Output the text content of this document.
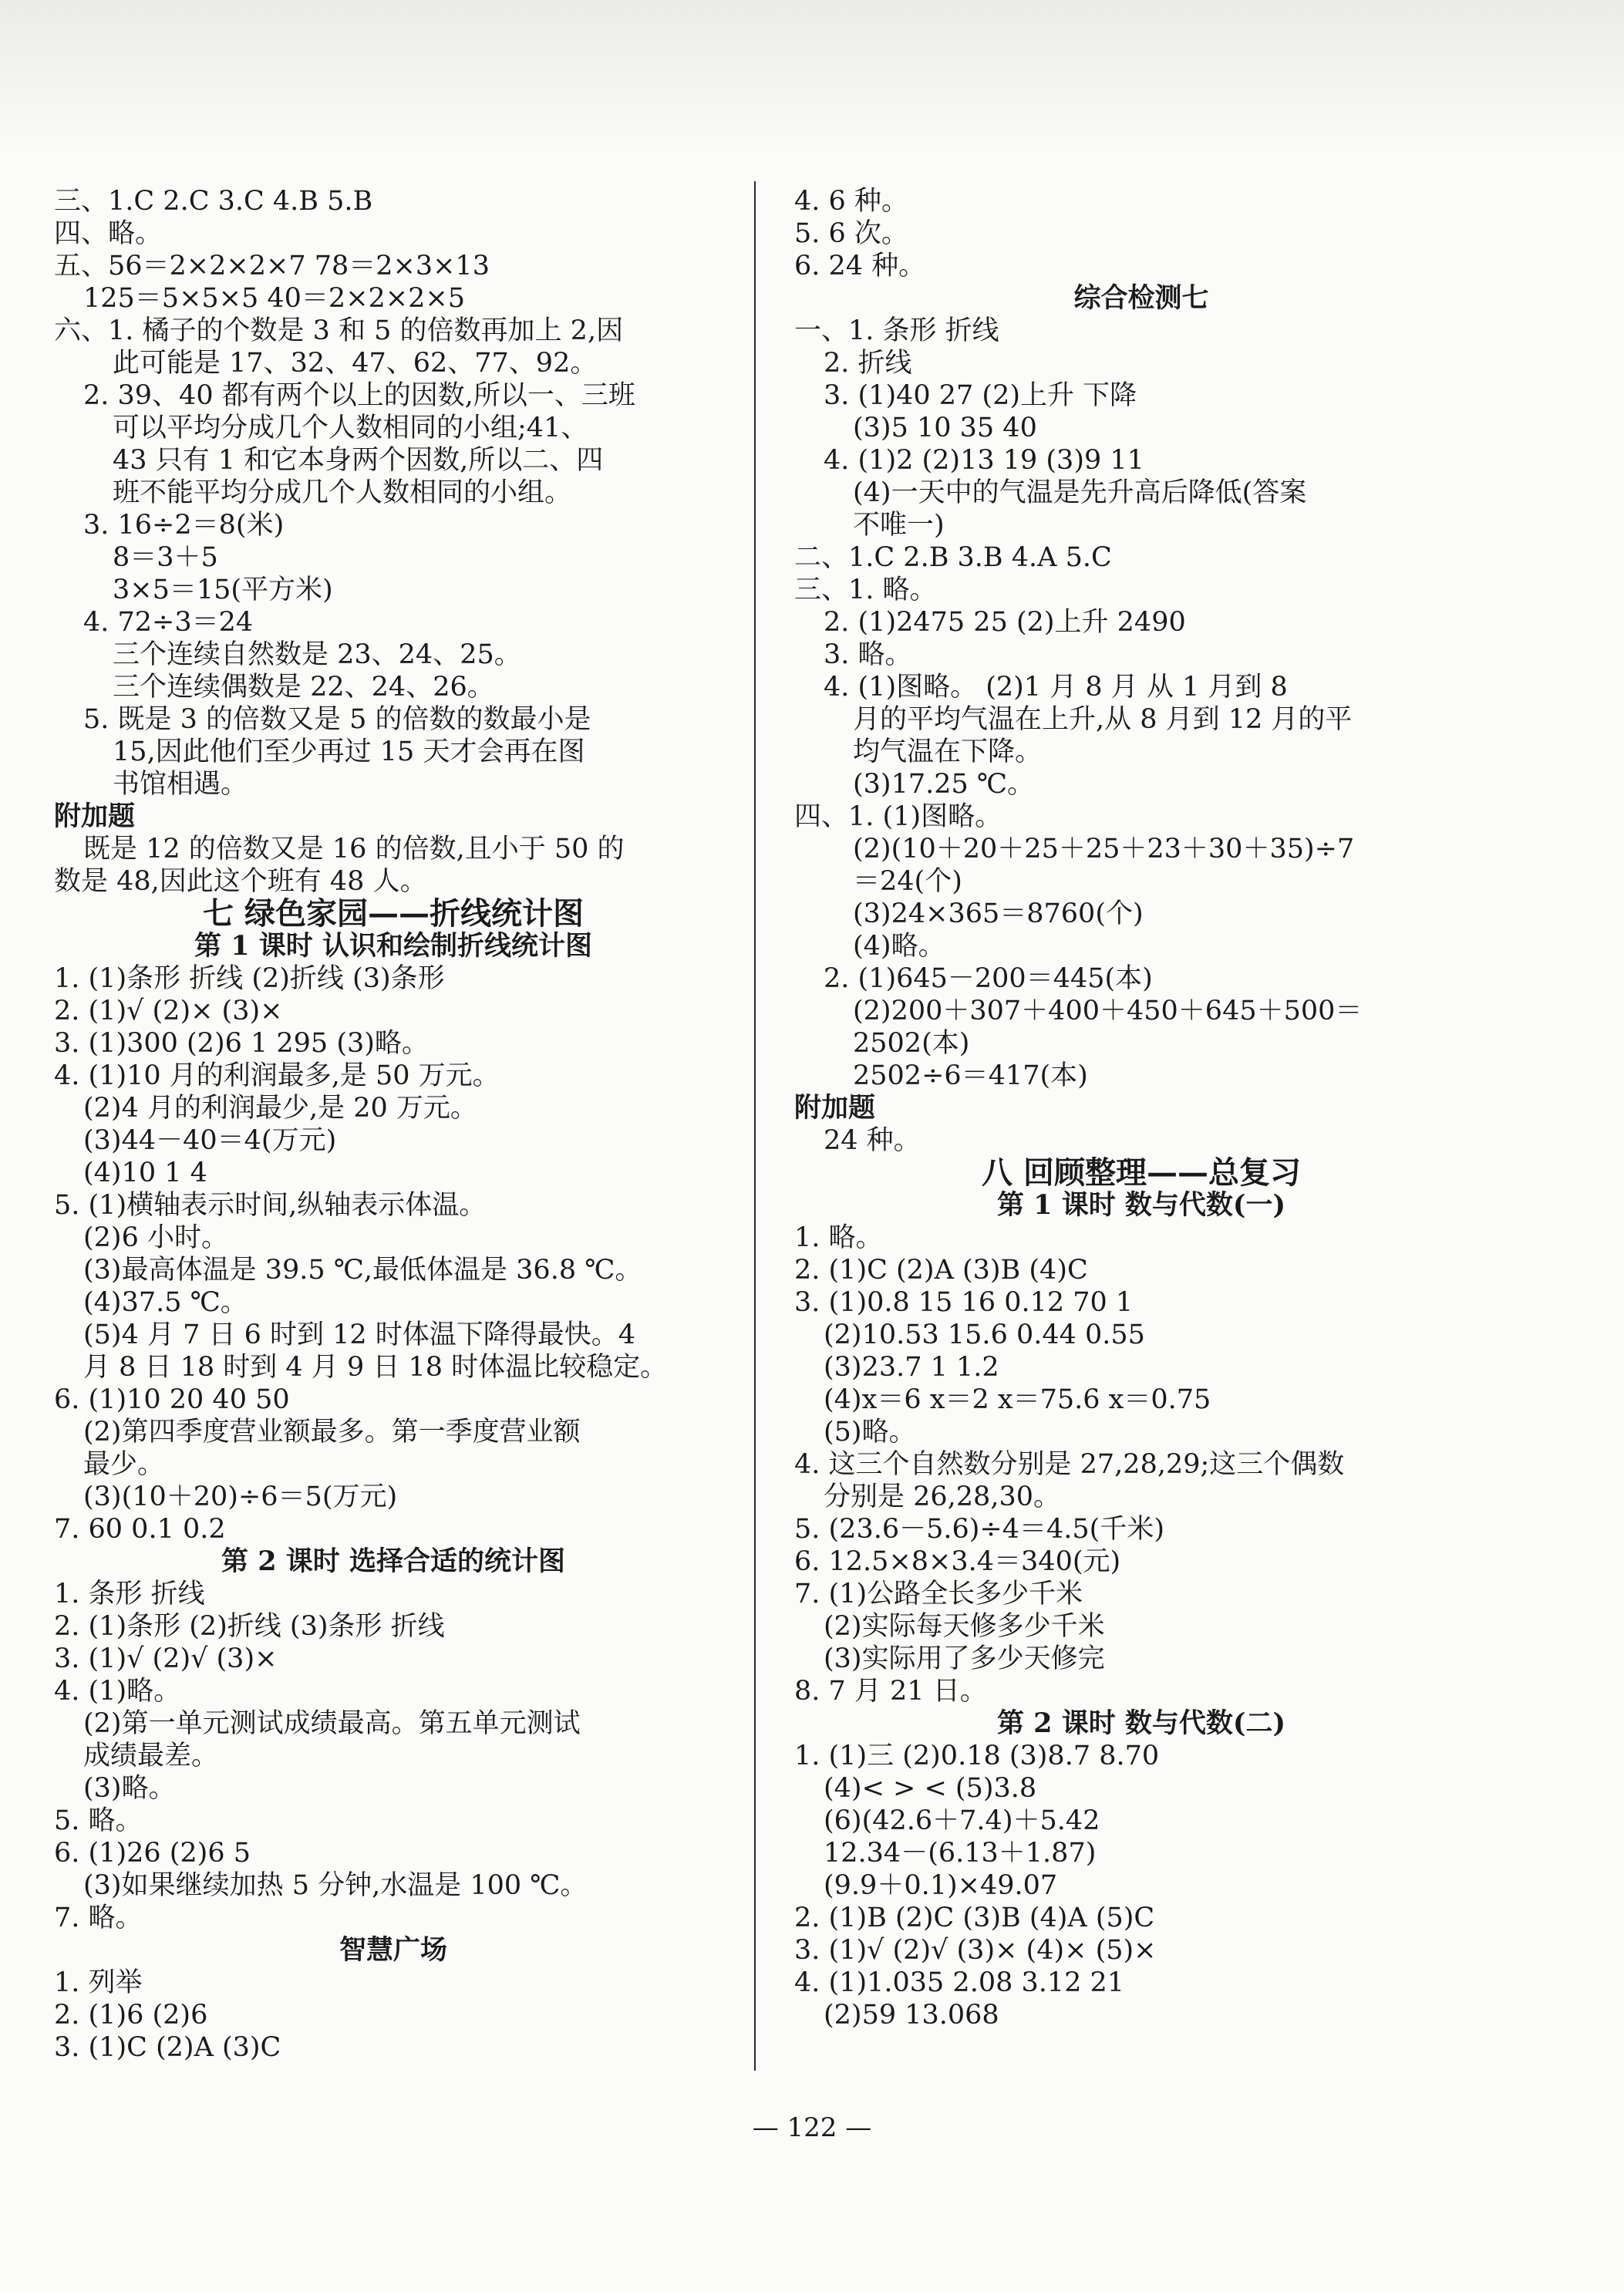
三、1.C 2.C 3.C 4.B 5.B
四、略。
五、56＝2×2×2×7 78＝2×3×13
125＝5×5×5 40＝2×2×2×5
六、1. 橘子的个数是 3 和 5 的倍数再加上 2,因
此可能是 17、32、47、62、77、92。
2. 39、40 都有两个以上的因数,所以一、三班
可以平均分成几个人数相同的小组;41、
43 只有 1 和它本身两个因数,所以二、四
班不能平均分成几个人数相同的小组。
3. 16÷2＝8(米)
8＝3＋5
3×5＝15(平方米)
4. 72÷3＝24
三个连续自然数是 23、24、25。
三个连续偶数是 22、24、26。
5. 既是 3 的倍数又是 5 的倍数的数最小是
15,因此他们至少再过 15 天才会再在图
书馆相遇。
附加题
既是 12 的倍数又是 16 的倍数,且小于 50 的
数是 48,因此这个班有 48 人。
七 绿色家园——折线统计图
第 1 课时 认识和绘制折线统计图
1. (1)条形 折线 (2)折线 (3)条形
2. (1)√ (2)× (3)×
3. (1)300 (2)6 1 295 (3)略。
4. (1)10 月的利润最多,是 50 万元。
(2)4 月的利润最少,是 20 万元。
(3)44－40＝4(万元)
(4)10 1 4
5. (1)横轴表示时间,纵轴表示体温。
(2)6 小时。
(3)最高体温是 39.5 ℃,最低体温是 36.8 ℃。
(4)37.5 ℃。
(5)4 月 7 日 6 时到 12 时体温下降得最快。4
月 8 日 18 时到 4 月 9 日 18 时体温比较稳定。
6. (1)10 20 40 50
(2)第四季度营业额最多。第一季度营业额
最少。
(3)(10＋20)÷6＝5(万元)
7. 60 0.1 0.2
第 2 课时 选择合适的统计图
1. 条形 折线
2. (1)条形 (2)折线 (3)条形 折线
3. (1)√ (2)√ (3)×
4. (1)略。
(2)第一单元测试成绩最高。第五单元测试
成绩最差。
(3)略。
5. 略。
6. (1)26 (2)6 5
(3)如果继续加热 5 分钟,水温是 100 ℃。
7. 略。
智慧广场
1. 列举
2. (1)6 (2)6
3. (1)C (2)A (3)C
4. 6 种。
5. 6 次。
6. 24 种。
综合检测七
一、1. 条形 折线
2. 折线
3. (1)40 27 (2)上升 下降
(3)5 10 35 40
4. (1)2 (2)13 19 (3)9 11
(4)一天中的气温是先升高后降低(答案
不唯一)
二、1.C 2.B 3.B 4.A 5.C
三、1. 略。
2. (1)2475 25 (2)上升 2490
3. 略。
4. (1)图略。 (2)1 月 8 月 从 1 月到 8
月的平均气温在上升,从 8 月到 12 月的平
均气温在下降。
(3)17.25 ℃。
四、1. (1)图略。
(2)(10＋20＋25＋25＋23＋30＋35)÷7
＝24(个)
(3)24×365＝8760(个)
(4)略。
2. (1)645－200＝445(本)
(2)200＋307＋400＋450＋645＋500＝
2502(本)
2502÷6＝417(本)
附加题
24 种。
八 回顾整理——总复习
第 1 课时 数与代数(一)
1. 略。
2. (1)C (2)A (3)B (4)C
3. (1)0.8 15 16 0.12 70 1
(2)10.53 15.6 0.44 0.55
(3)23.7 1 1.2
(4)x＝6 x＝2 x＝75.6 x＝0.75
(5)略。
4. 这三个自然数分别是 27,28,29;这三个偶数
分别是 26,28,30。
5. (23.6－5.6)÷4＝4.5(千米)
6. 12.5×8×3.4＝340(元)
7. (1)公路全长多少千米
(2)实际每天修多少千米
(3)实际用了多少天修完
8. 7 月 21 日。
第 2 课时 数与代数(二)
1. (1)三 (2)0.18 (3)8.7 8.70
(4)< > < (5)3.8
(6)(42.6＋7.4)＋5.42
12.34－(6.13＋1.87)
(9.9＋0.1)×49.07
2. (1)B (2)C (3)B (4)A (5)C
3. (1)√ (2)√ (3)× (4)× (5)×
4. (1)1.035 2.08 3.12 21
(2)59 13.068
— 122 —
